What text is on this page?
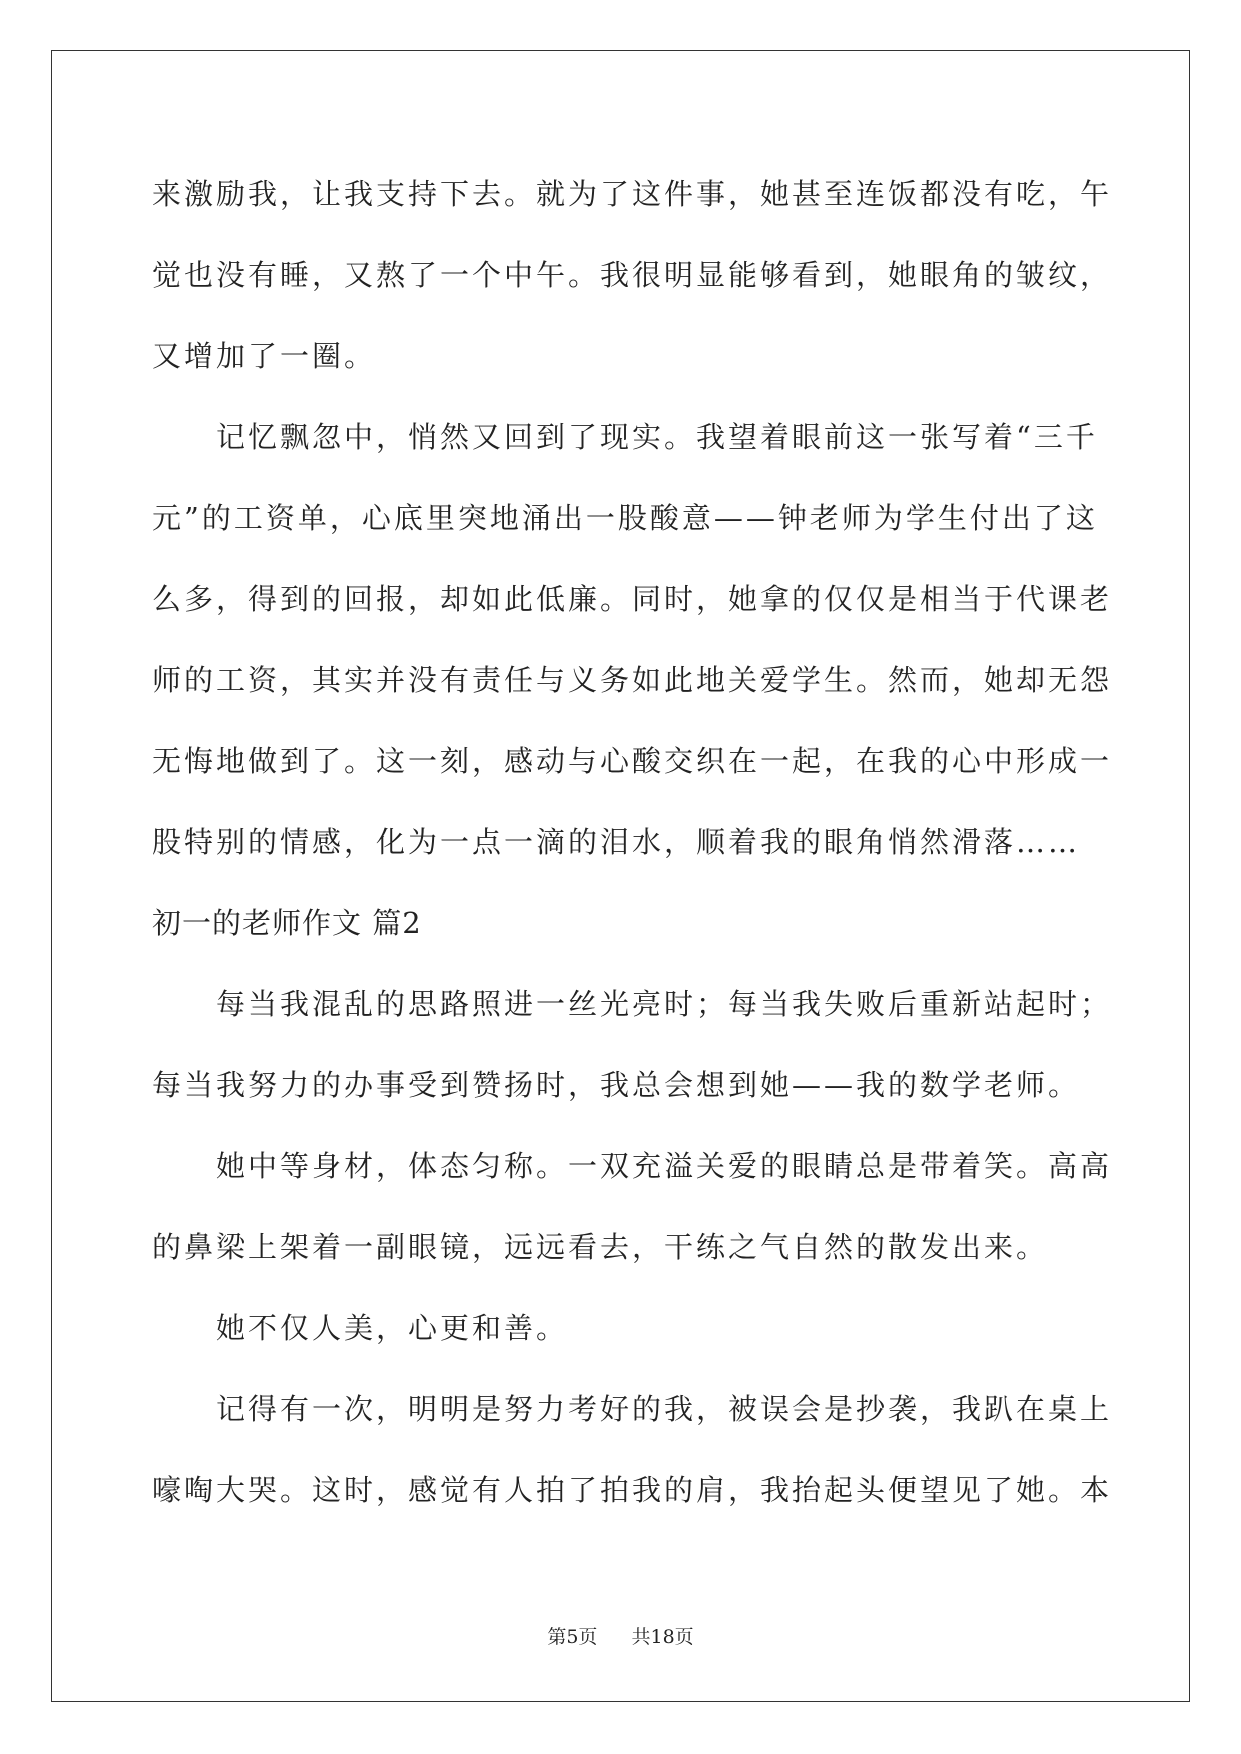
来激励我，让我支持下去。就为了这件事，她甚至连饭都没有吃，午
觉也没有睡，又熬了一个中午。我很明显能够看到，她眼角的皱纹，
又增加了一圈。
记忆飘忽中，悄然又回到了现实。我望着眼前这一张写着“三千
元”的工资单，心底里突地涌出一股酸意——钟老师为学生付出了这
么多，得到的回报，却如此低廉。同时，她拿的仅仅是相当于代课老
师的工资，其实并没有责任与义务如此地关爱学生。然而，她却无怨
无悔地做到了。这一刻，感动与心酸交织在一起，在我的心中形成一
股特别的情感，化为一点一滴的泪水，顺着我的眼角悄然滑落……
初一的老师作文 篇2
每当我混乱的思路照进一丝光亮时；每当我失败后重新站起时；
每当我努力的办事受到赞扬时，我总会想到她——我的数学老师。
她中等身材，体态匀称。一双充溢关爱的眼睛总是带着笑。高高
的鼻梁上架着一副眼镜，远远看去，干练之气自然的散发出来。
她不仅人美，心更和善。
记得有一次，明明是努力考好的我，被误会是抄袭，我趴在桌上
嚎啕大哭。这时，感觉有人拍了拍我的肩，我抬起头便望见了她。本
第5页 共18页
